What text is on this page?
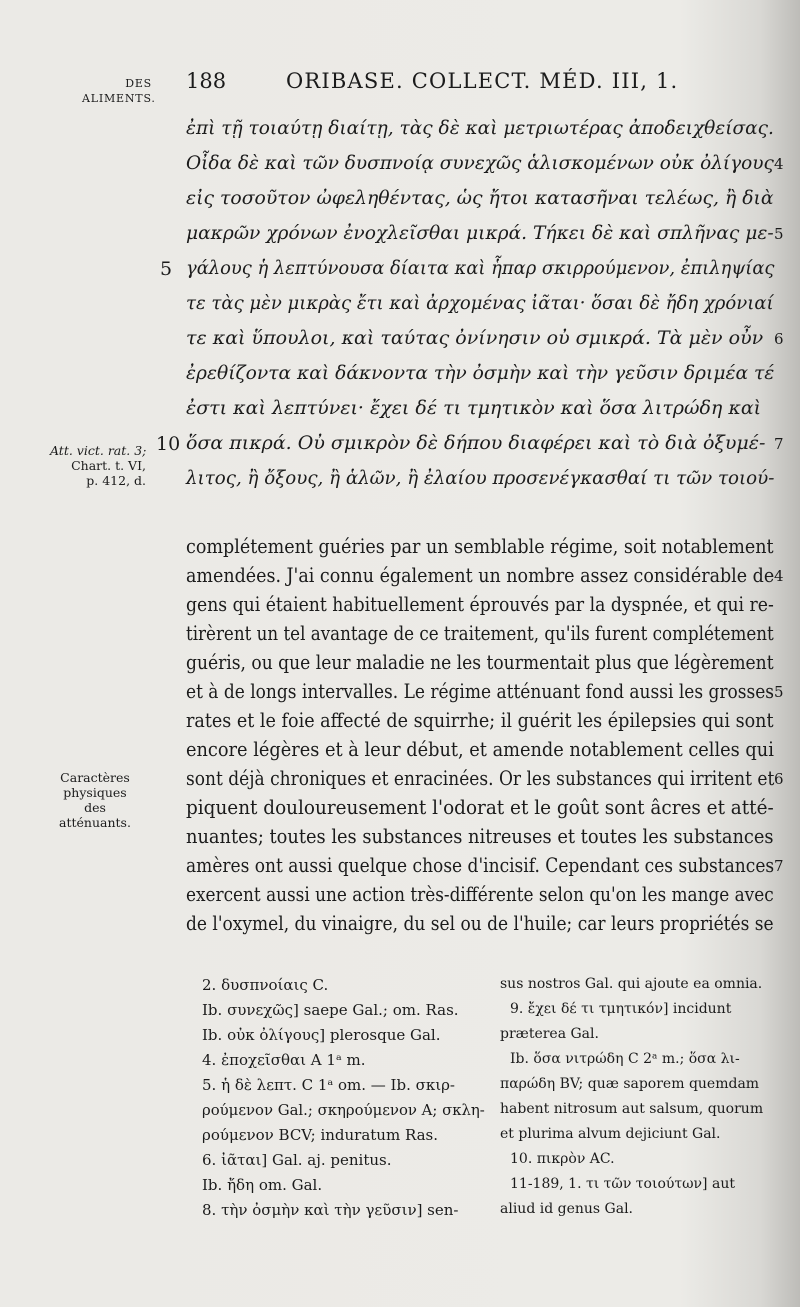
DES
ALIMENTS.
188	ORIBASE. COLLECT. MÉD. III, 1.
ἐπὶ τῇ τοιαύτῃ διαίτῃ, τὰς δὲ καὶ μετριωτέρας ἀποδειχθείσας.
Οἶδα δὲ καὶ τῶν δυσπνοίᾳ συνεχῶς ἁλισκομένων οὐκ ὀλίγους
εἰς τοσοῦτον ὠφεληθέντας, ὡς ἤτοι κατασῆναι τελέως, ἢ διὰ
μακρῶν χρόνων ἐνοχλεῖσθαι μικρά. Τήκει δὲ καὶ σπλῆνας με-
γάλους ἡ λεπτύνουσα δίαιτα καὶ ἧπαρ σκιρρούμενον, ἐπιληψίας
τε τὰς μὲν μικρὰς ἔτι καὶ ἀρχομένας ἰᾶται· ὅσαι δὲ ἤδη χρόνιαί
τε καὶ ὕπουλοι, καὶ ταύτας ὀνίνησιν οὐ σμικρά. Τὰ μὲν οὖν
ἐρεθίζοντα καὶ δάκνοντα τὴν ὀσμὴν καὶ τὴν γεῦσιν δριμέα τέ
ἐστι καὶ λεπτύνει· ἔχει δέ τι τμητικὸν καὶ ὅσα λιτρώδη καὶ
ὅσα πικρά. Οὐ σμικρὸν δὲ δήπου διαφέρει καὶ τὸ διὰ ὀξυμέ-
λιτος, ἢ ὄξους, ἢ ἁλῶν, ἢ ἐλαίου προσενέγκασθαί τι τῶν τοιού-
5
10
4
5
6
7
Att. vict. rat. 3;
Chart. t. VI,
p. 412, d.
complétement guéries par un semblable régime, soit notablement
amendées. J'ai connu également un nombre assez considérable de
gens qui étaient habituellement éprouvés par la dyspnée, et qui re-
tirèrent un tel avantage de ce traitement, qu'ils furent complétement
guéris, ou que leur maladie ne les tourmentait plus que légèrement
et à de longs intervalles. Le régime atténuant fond aussi les grosses
rates et le foie affecté de squirrhe; il guérit les épilepsies qui sont
encore légères et à leur début, et amende notablement celles qui
sont déjà chroniques et enracinées. Or les substances qui irritent et
piquent douloureusement l'odorat et le goût sont âcres et atté-
nuantes; toutes les substances nitreuses et toutes les substances
amères ont aussi quelque chose d'incisif. Cependant ces substances
exercent aussi une action très-différente selon qu'on les mange avec
de l'oxymel, du vinaigre, du sel ou de l'huile; car leurs propriétés se
4
5
6
7
Caractères
physiques
des
atténuants.
2. δυσπνοίαις C.
Ib. συνεχῶς] saepe Gal.; om. Ras.
Ib. οὐκ ὀλίγους] plerosque Gal.
4. ἐποχεῖσθαι A 1ᵃ m.
5. ἡ δὲ λεπτ. C 1ᵃ om. — Ib. σκιρ-
ρούμενον Gal.; σκηρούμενον A; σκλη-
ρούμενον BCV; induratum Ras.
6. ἰᾶται] Gal. aj. penitus.
Ib. ἤδη om. Gal.
8. τὴν ὀσμὴν καὶ τὴν γεῦσιν] sen-
sus nostros Gal. qui ajoute ea omnia.
9. ἔχει δέ τι τμητικόν] incidunt
præterea Gal.
Ib. ὅσα νιτρώδη C 2ᵃ m.; ὅσα λι-
παρώδη BV; quæ saporem quemdam
habent nitrosum aut salsum, quorum
et plurima alvum dejiciunt Gal.
10. πικρὸν AC.
11-189, 1. τι τῶν τοιούτων] aut
aliud id genus Gal.
